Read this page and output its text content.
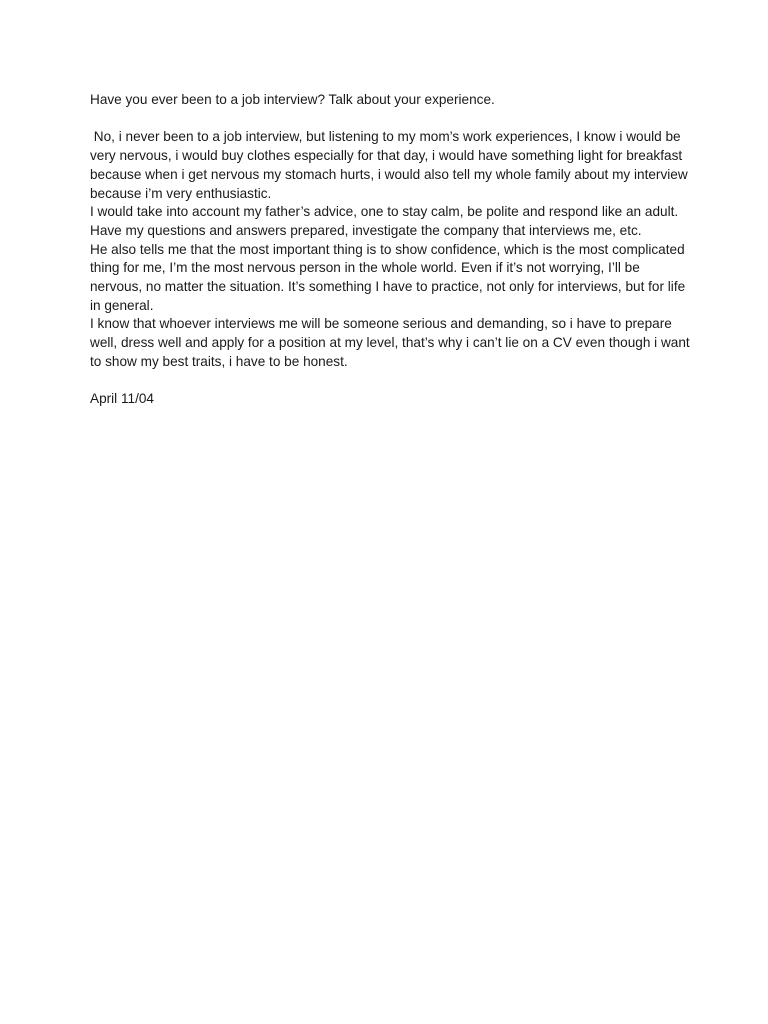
Have you ever been to a job interview? Talk about your experience.

No, i never been to a job interview, but listening to my mom’s work experiences, I know i would be very nervous, i would buy clothes especially for that day, i would have something light for breakfast because when i get nervous my stomach hurts, i would also tell my whole family about my interview because i’m very enthusiastic.

I would take into account my father’s advice, one to stay calm, be polite and respond like an adult. Have my questions and answers prepared, investigate the company that interviews me, etc.

He also tells me that the most important thing is to show confidence, which is the most complicated thing for me, I’m the most nervous person in the whole world. Even if it’s not worrying, I’ll be nervous, no matter the situation. It’s something I have to practice, not only for interviews, but for life in general.

I know that whoever interviews me will be someone serious and demanding, so i have to prepare well, dress well and apply for a position at my level, that’s why i can’t lie on a CV even though i want to show my best traits, i have to be honest.

April 11/04
